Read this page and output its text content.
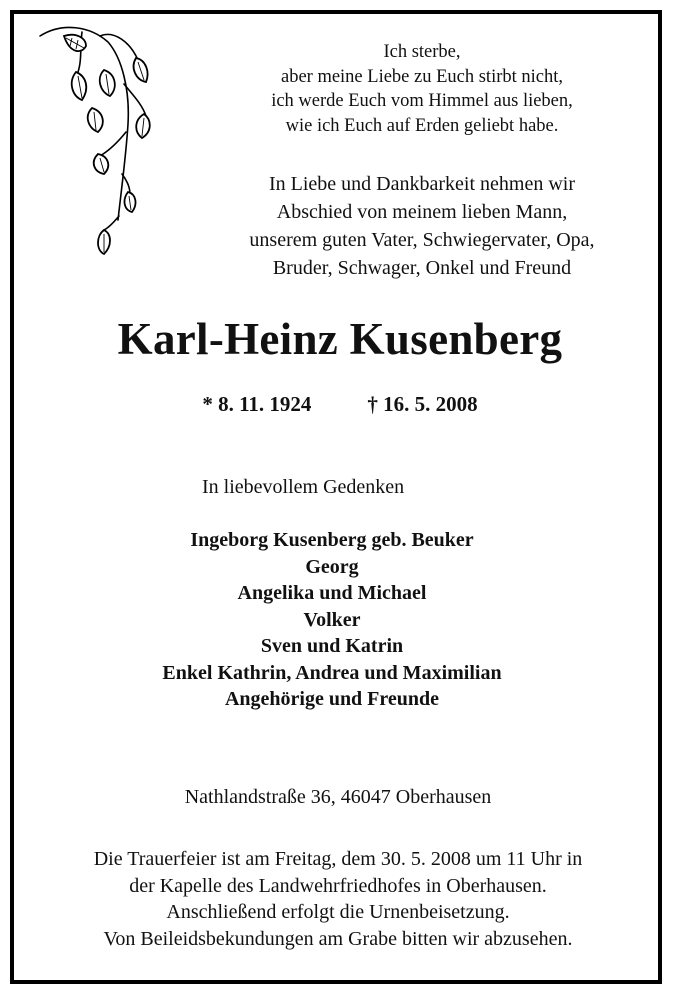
Ich sterbe,
aber meine Liebe zu Euch stirbt nicht,
ich werde Euch vom Himmel aus lieben,
wie ich Euch auf Erden geliebt habe.
In Liebe und Dankbarkeit nehmen wir
Abschied von meinem lieben Mann,
unserem guten Vater, Schwiegervater, Opa,
Bruder, Schwager, Onkel und Freund
Karl-Heinz Kusenberg
* 8. 11. 1924	† 16. 5. 2008
In liebevollem Gedenken
Ingeborg Kusenberg geb. Beuker
Georg
Angelika und Michael
Volker
Sven und Katrin
Enkel Kathrin, Andrea und Maximilian
Angehörige und Freunde
Nathlandstraße 36, 46047 Oberhausen
Die Trauerfeier ist am Freitag, dem 30. 5. 2008 um 11 Uhr in
der Kapelle des Landwehrfriedhofes in Oberhausen.
Anschließend erfolgt die Urnenbeisetzung.
Von Beileidsbekundungen am Grabe bitten wir abzusehen.
